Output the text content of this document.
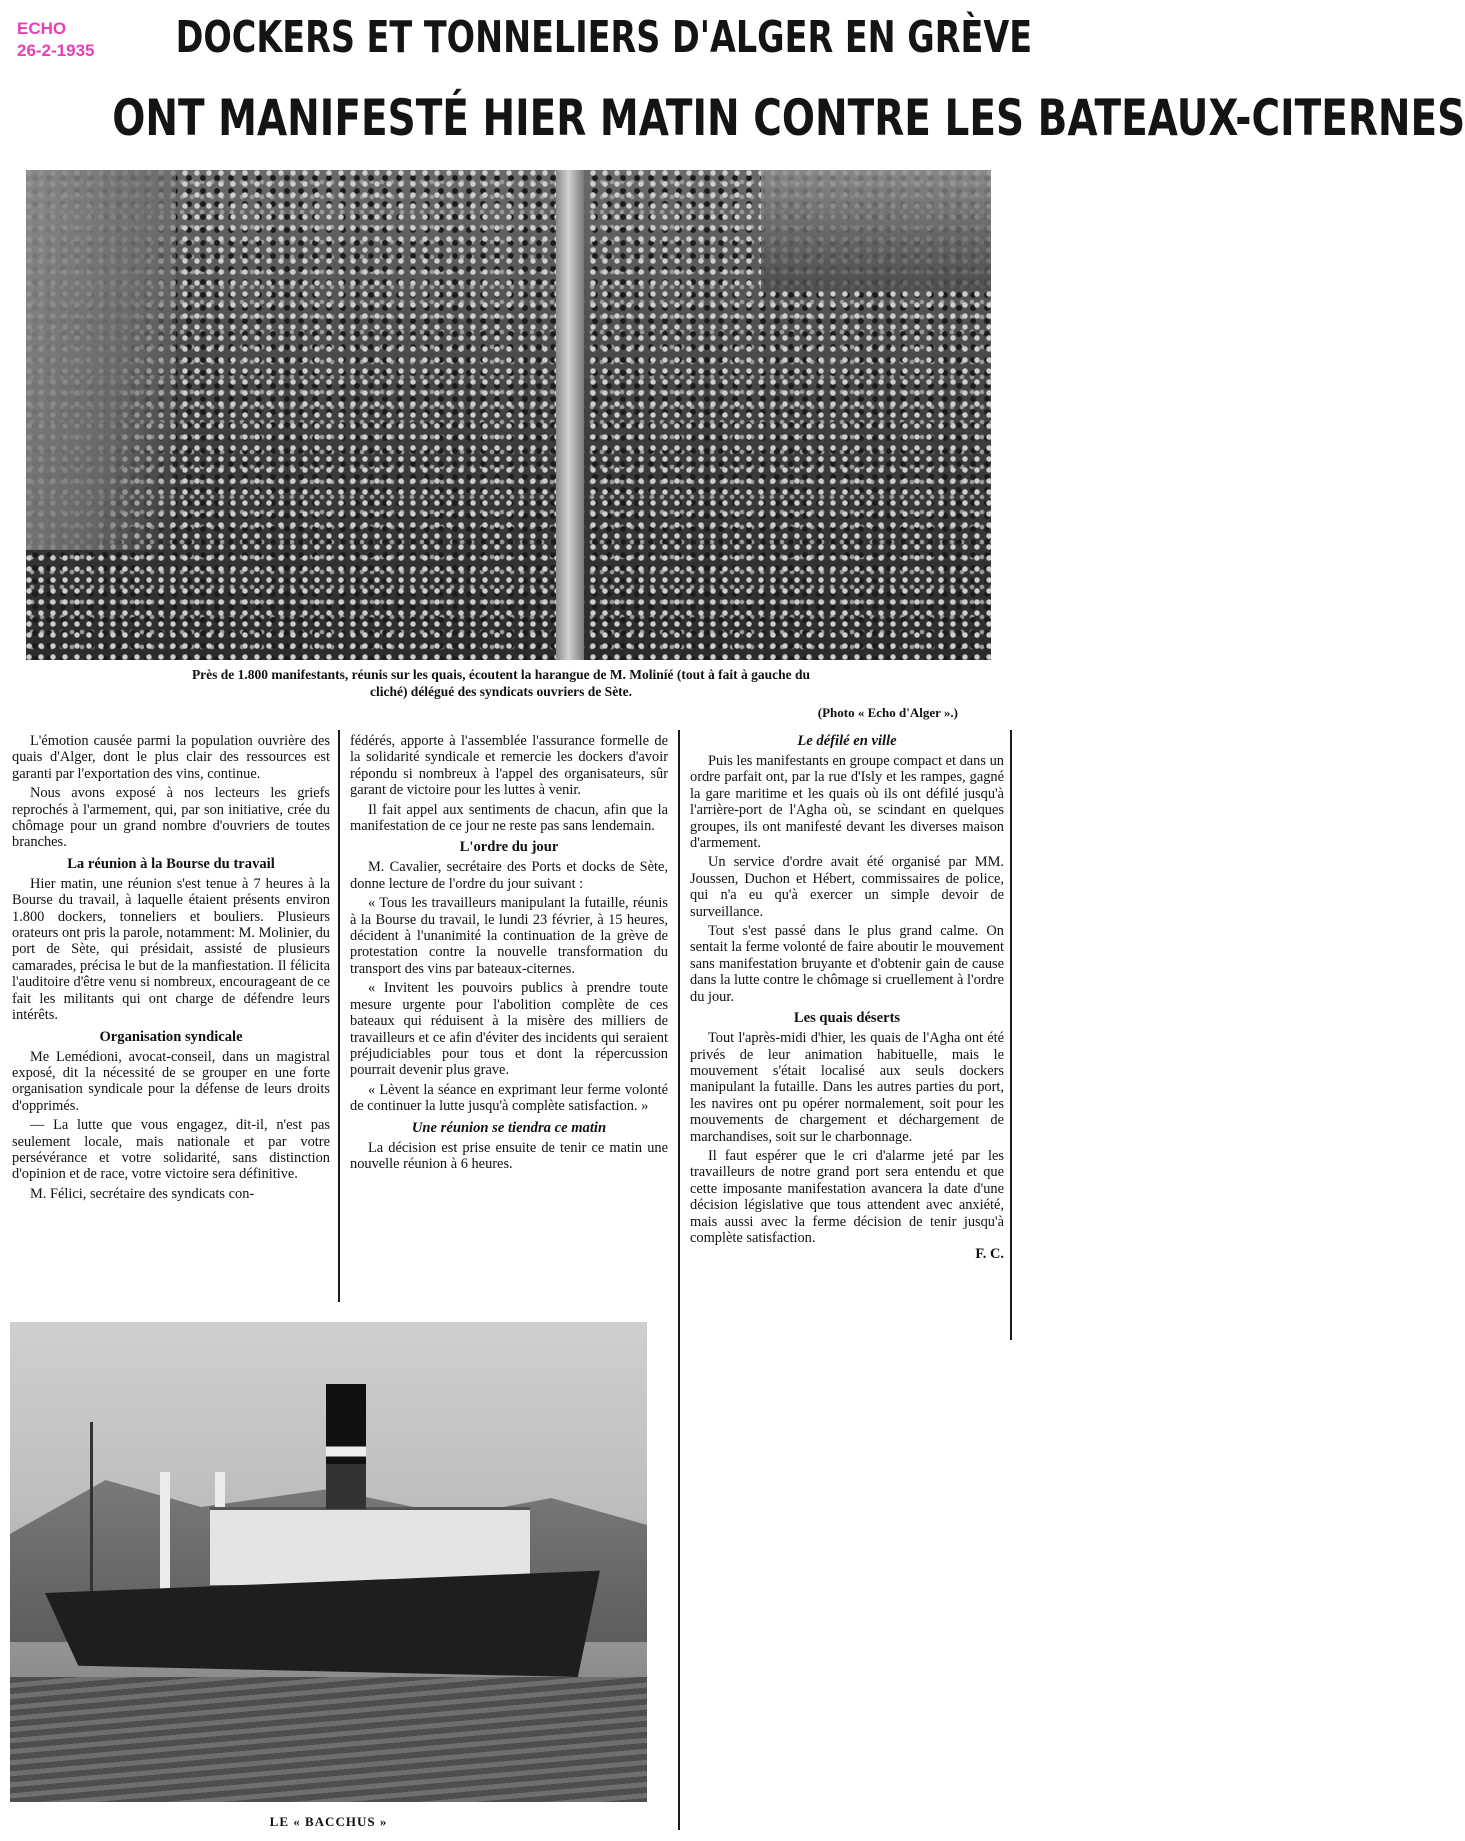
ECHO
26-2-1935	DOCKERS ET TONNELIERS D'ALGER EN GRÈVE
ONT MANIFESTÉ HIER MATIN CONTRE LES BATEAUX-CITERNES

Près de 1.800 manifestants, réunis sur les quais, écoutent la harangue de M. Moliníé (tout à fait à gauche du

cliché) délégué des syndicats ouvriers de Sète.

(Photo « Echo d'Alger ».)

L'émotion causée parmi la population ouvrière des quais d'Alger, dont le plus clair des ressources est garanti par l'exportation des vins, continue.

Nous avons exposé à nos lecteurs les griefs reprochés à l'armement, qui, par son initiative, crée du chômage pour un grand nombre d'ouvriers de toutes branches.

La réunion à la Bourse du travail

Hier matin, une réunion s'est tenue à 7 heures à la Bourse du travail, à laquelle étaient présents environ 1.800 dockers, tonneliers et bouliers. Plusieurs orateurs ont pris la parole, notamment: M. Molinier, du port de Sète, qui présidait, assisté de plusieurs camarades, précisa le but de la manfiestation. Il félicita l'auditoire d'être venu si nombreux, encourageant de ce fait les militants qui ont charge de défendre leurs intérêts.

Organisation syndicale

Me Lemédioni, avocat-conseil, dans un magistral exposé, dit la nécessité de se grouper en une forte organisation syndicale pour la défense de leurs droits d'opprimés.

— La lutte que vous engagez, dit-il, n'est pas seulement locale, mais nationale et par votre persévérance et votre solidarité, sans distinction d'opinion et de race, votre victoire sera définitive.

M. Félici, secrétaire des syndicats con-

fédérés, apporte à l'assemblée l'assurance formelle de la solidarité syndicale et remercie les dockers d'avoir répondu si nombreux à l'appel des organisateurs, sûr garant de victoire pour les luttes à venir.

Il fait appel aux sentiments de chacun, afin que la manifestation de ce jour ne reste pas sans lendemain.

L'ordre du jour

M. Cavalier, secrétaire des Ports et docks de Sète, donne lecture de l'ordre du jour suivant :

« Tous les travailleurs manipulant la futaille, réunis à la Bourse du travail, le lundi 23 février, à 15 heures, décident à l'unanimité la continuation de la grève de protestation contre la nouvelle transformation du transport des vins par bateaux-citernes.

« Invitent les pouvoirs publics à prendre toute mesure urgente pour l'abolition complète de ces bateaux qui réduisent à la misère des milliers de travailleurs et ce afin d'éviter des incidents qui seraient préjudiciables pour tous et dont la répercussion pourrait devenir plus grave.

« Lèvent la séance en exprimant leur ferme volonté de continuer la lutte jusqu'à complète satisfaction. »

Une réunion se tiendra ce matin

La décision est prise ensuite de tenir ce matin une nouvelle réunion à 6 heures.

Le défilé en ville

Puis les manifestants en groupe compact et dans un ordre parfait ont, par la rue d'Isly et les rampes, gagné la gare maritime et les quais où ils ont défilé jusqu'à l'arrière-port de l'Agha où, se scindant en quelques groupes, ils ont manifesté devant les diverses maison d'armement.

Un service d'ordre avait été organisé par MM. Joussen, Duchon et Hébert, commissaires de police, qui n'a eu qu'à exercer un simple devoir de surveillance.

Tout s'est passé dans le plus grand calme. On sentait la ferme volonté de faire aboutir le mouvement sans manifestation bruyante et d'obtenir gain de cause dans la lutte contre le chômage si cruellement à l'ordre du jour.

Les quais déserts

Tout l'après-midi d'hier, les quais de l'Agha ont été privés de leur animation habituelle, mais le mouvement s'était localisé aux seuls dockers manipulant la futaille. Dans les autres parties du port, les navires ont pu opérer normalement, soit pour les mouvements de chargement et déchargement de marchandises, soit sur le charbonnage.

Il faut espérer que le cri d'alarme jeté par les travailleurs de notre grand port sera entendu et que cette imposante manifestation avancera la date d'une décision législative que tous attendent avec anxiété, mais aussi avec la ferme décision de tenir jusqu'à complète satisfaction.

F. C.
LE « BACCHUS »
